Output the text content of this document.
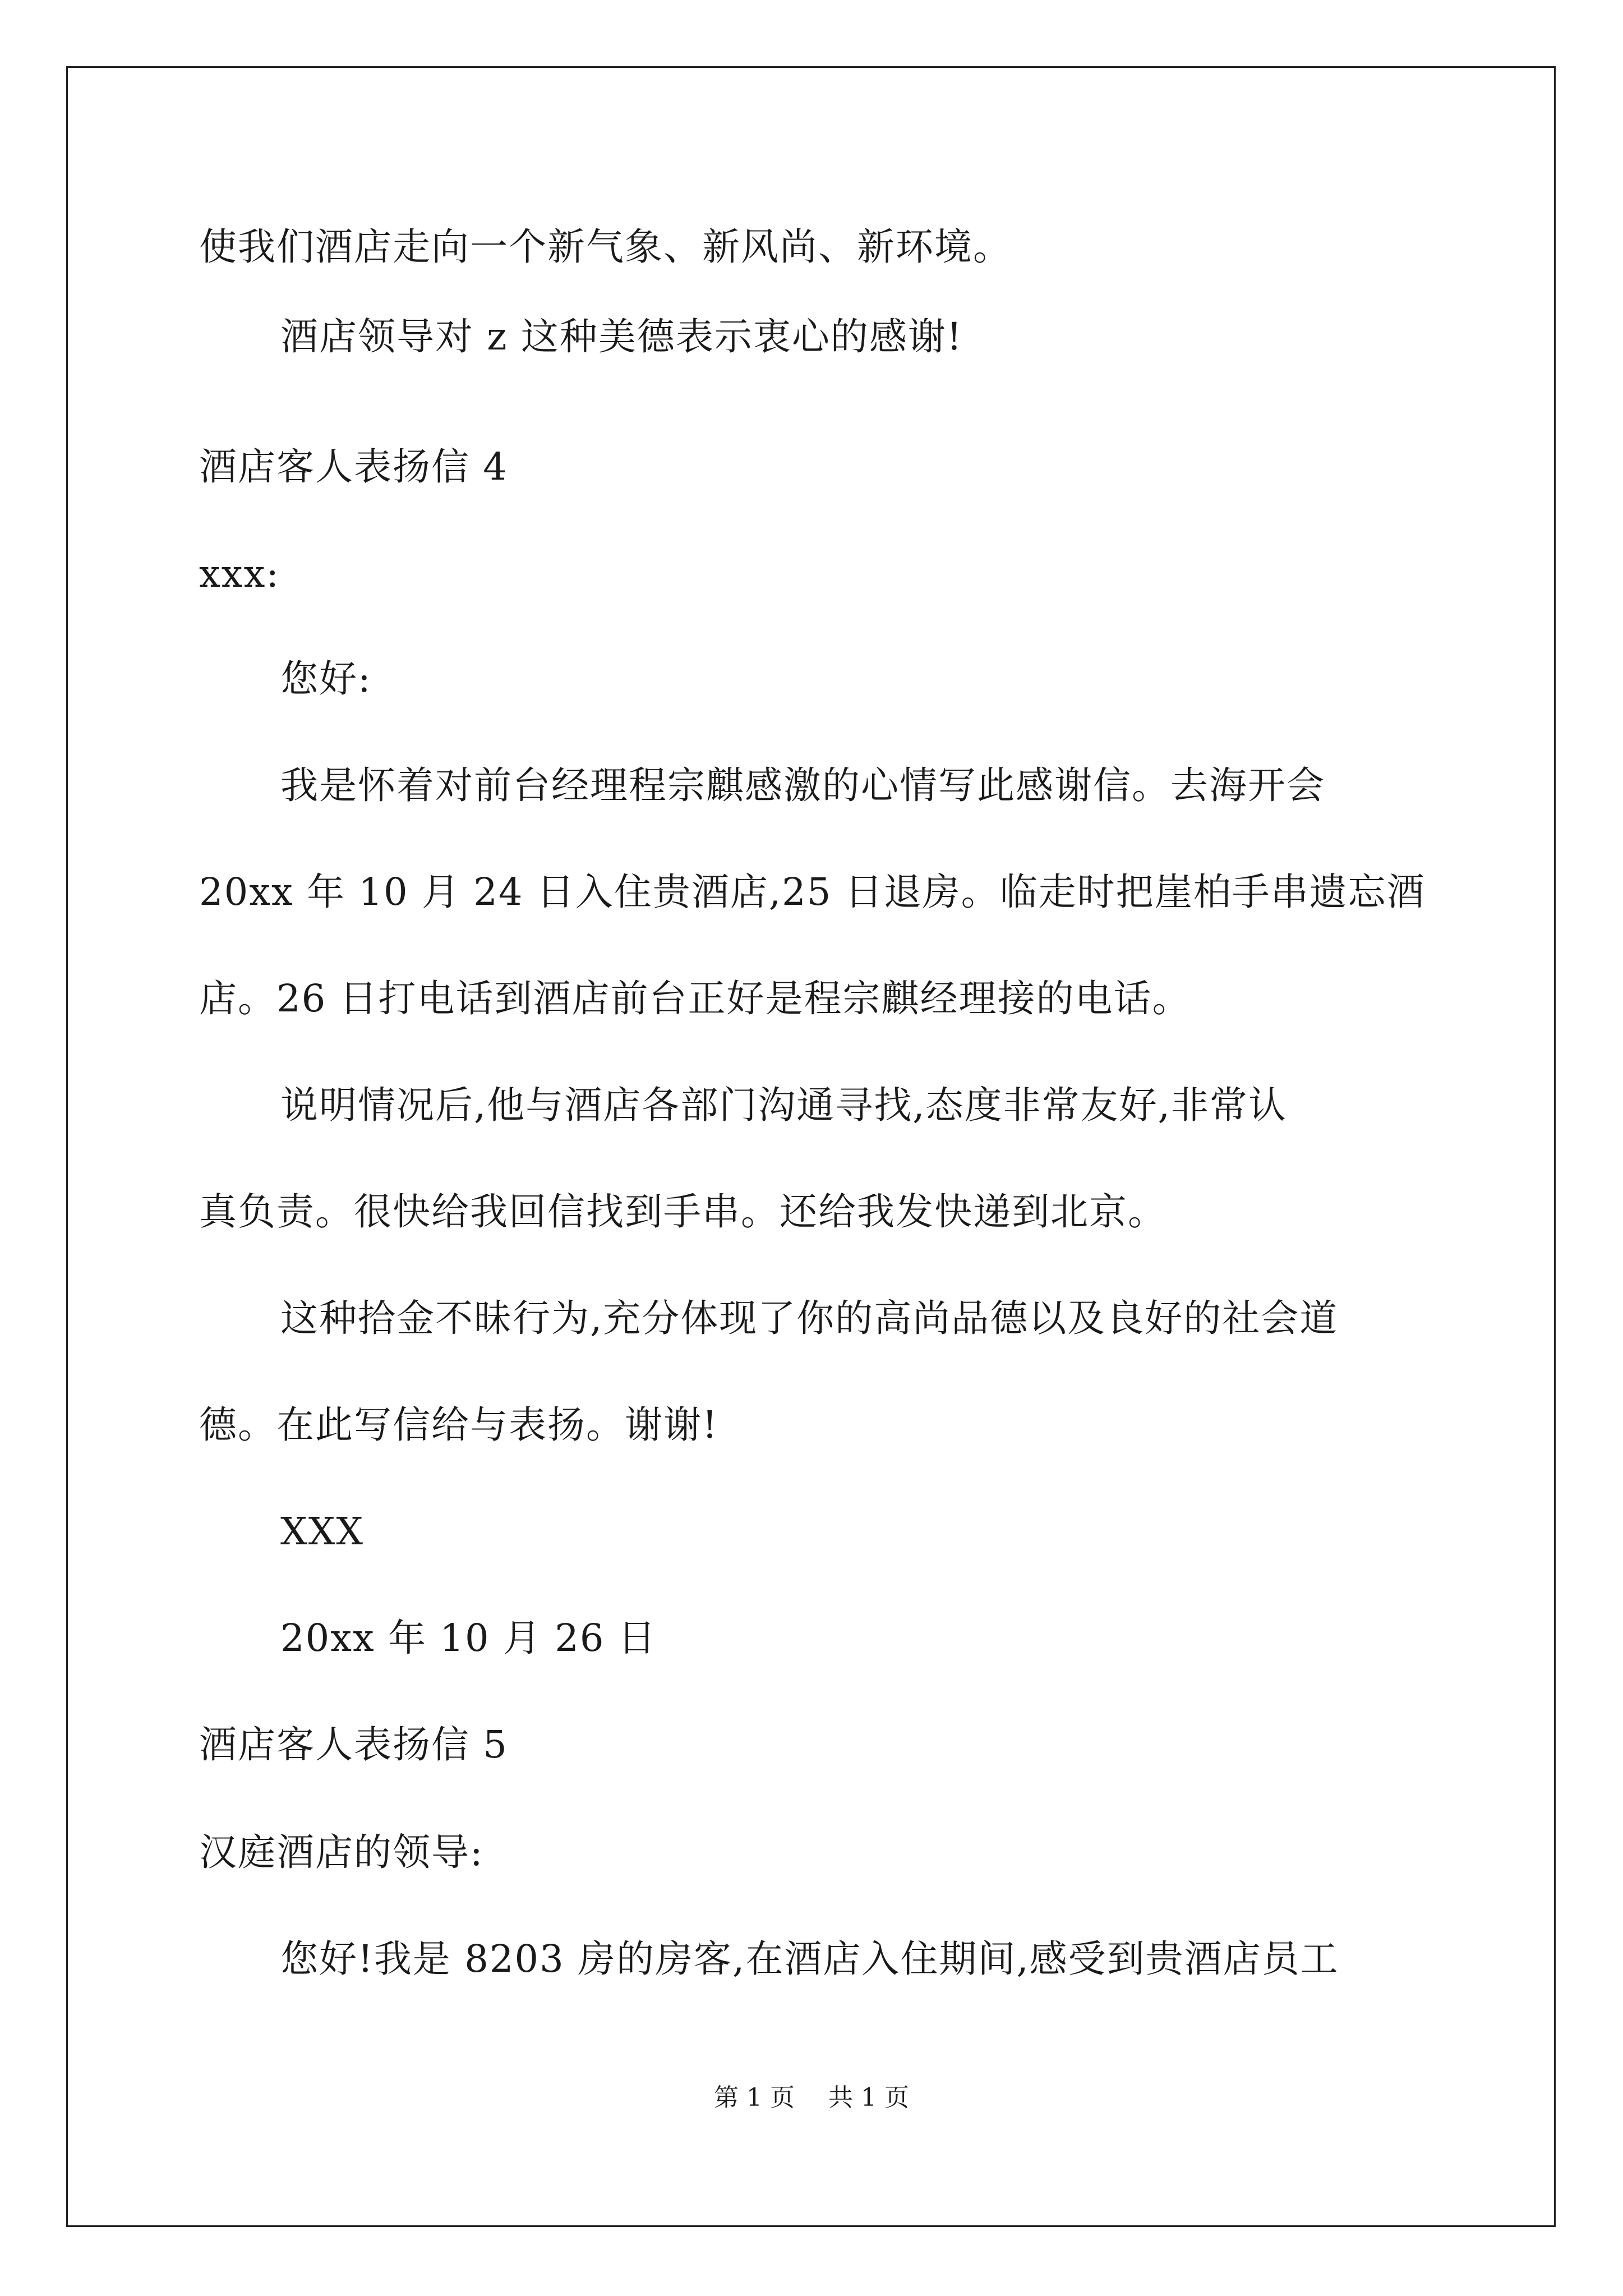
使我们酒店走向一个新气象、新风尚、新环境。
酒店领导对 z 这种美德表示衷心的感谢!
酒店客人表扬信 4
xxx:
您好:
我是怀着对前台经理程宗麒感激的心情写此感谢信。去海开会
20xx 年 10 月 24 日入住贵酒店,25 日退房。临走时把崖柏手串遗忘酒
店。26 日打电话到酒店前台正好是程宗麒经理接的电话。
说明情况后,他与酒店各部门沟通寻找,态度非常友好,非常认
真负责。很快给我回信找到手串。还给我发快递到北京。
这种拾金不昧行为,充分体现了你的高尚品德以及良好的社会道
德。在此写信给与表扬。谢谢!
XXX
20xx 年 10 月 26 日
酒店客人表扬信 5
汉庭酒店的领导:
您好!我是 8203 房的房客,在酒店入住期间,感受到贵酒店员工
第 1 页 共 1 页
